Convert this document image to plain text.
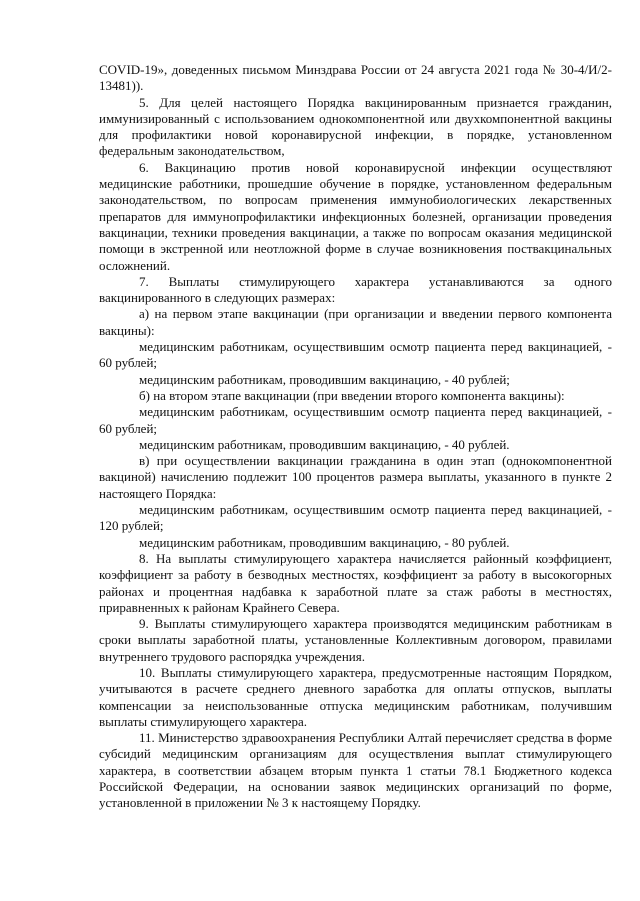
COVID-19», доведенных письмом Минздрава России от 24 августа 2021 года № 30-4/И/2-13481)).

5. Для целей настоящего Порядка вакцинированным признается гражданин, иммунизированный с использованием однокомпонентной или двухкомпонентной вакцины для профилактики новой коронавирусной инфекции, в порядке, установленном федеральным законодательством,

6. Вакцинацию против новой коронавирусной инфекции осуществляют медицинские работники, прошедшие обучение в порядке, установленном федеральным законодательством, по вопросам применения иммунобиологических лекарственных препаратов для иммунопрофилактики инфекционных болезней, организации проведения вакцинации, техники проведения вакцинации, а также по вопросам оказания медицинской помощи в экстренной или неотложной форме в случае возникновения поствакцинальных осложнений.

7. Выплаты стимулирующего характера устанавливаются за одного вакцинированного в следующих размерах:

а) на первом этапе вакцинации (при организации и введении первого компонента вакцины):

медицинским работникам, осуществившим осмотр пациента перед вакцинацией, - 60 рублей;

медицинским работникам, проводившим вакцинацию, - 40 рублей;

б) на втором этапе вакцинации (при введении второго компонента вакцины):

медицинским работникам, осуществившим осмотр пациента перед вакцинацией, - 60 рублей;

медицинским работникам, проводившим вакцинацию, - 40 рублей.

в) при осуществлении вакцинации гражданина в один этап (однокомпонентной вакциной) начислению подлежит 100 процентов размера выплаты, указанного в пункте 2 настоящего Порядка:

медицинским работникам, осуществившим осмотр пациента перед вакцинацией, - 120 рублей;

медицинским работникам, проводившим вакцинацию, - 80 рублей.

8. На выплаты стимулирующего характера начисляется районный коэффициент, коэффициент за работу в безводных местностях, коэффициент за работу в высокогорных районах и процентная надбавка к заработной плате за стаж работы в местностях, приравненных к районам Крайнего Севера.

9. Выплаты стимулирующего характера производятся медицинским работникам в сроки выплаты заработной платы, установленные Коллективным договором, правилами внутреннего трудового распорядка учреждения.

10. Выплаты стимулирующего характера, предусмотренные настоящим Порядком, учитываются в расчете среднего дневного заработка для оплаты отпусков, выплаты компенсации за неиспользованные отпуска медицинским работникам, получившим выплаты стимулирующего характера.

11. Министерство здравоохранения Республики Алтай перечисляет средства в форме субсидий медицинским организациям для осуществления выплат стимулирующего характера, в соответствии абзацем вторым пункта 1 статьи 78.1 Бюджетного кодекса Российской Федерации, на основании заявок медицинских организаций по форме, установленной в приложении № 3 к настоящему Порядку.
